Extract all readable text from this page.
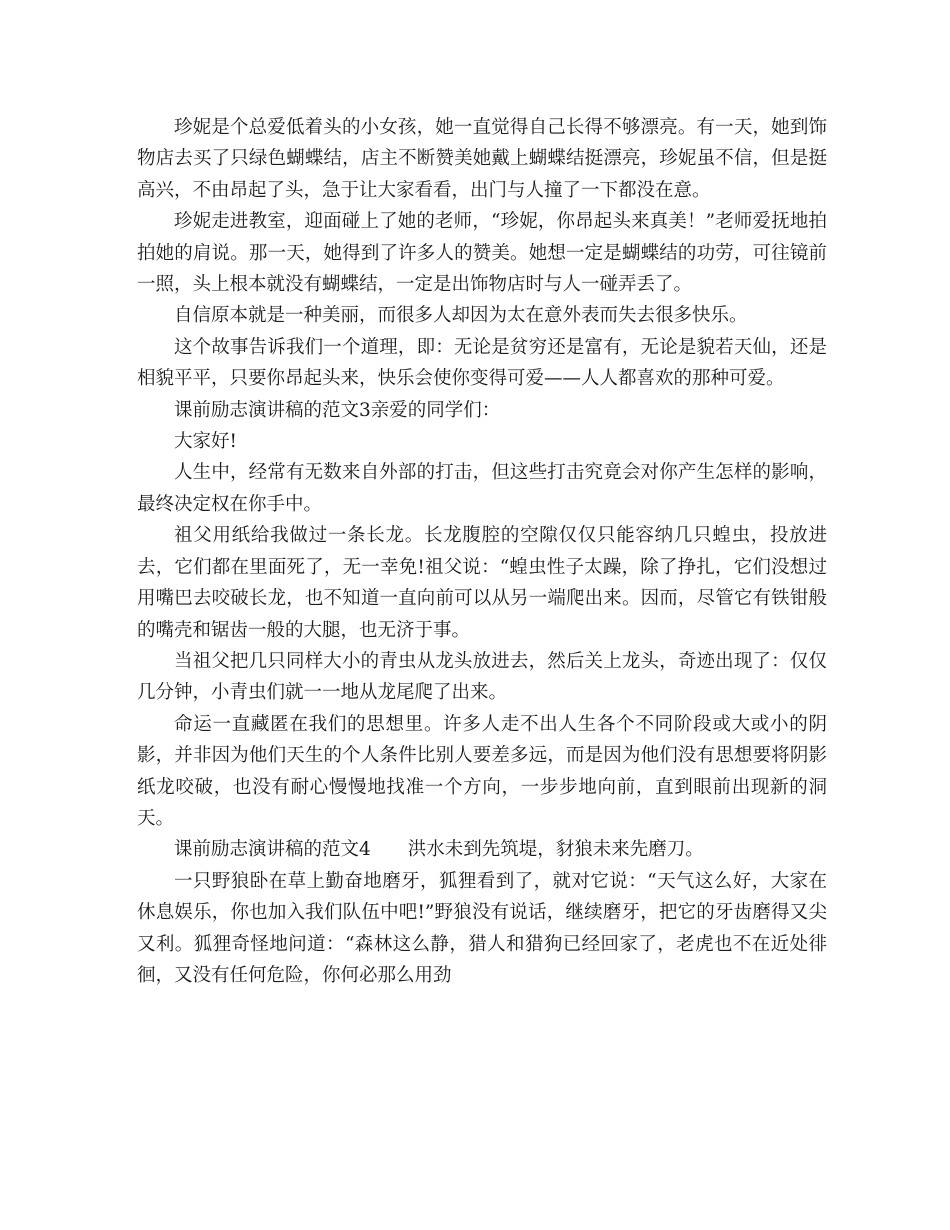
珍妮是个总爱低着头的小女孩，她一直觉得自己长得不够漂亮。有一天，她到饰物店去买了只绿色蝴蝶结，店主不断赞美她戴上蝴蝶结挺漂亮，珍妮虽不信，但是挺高兴，不由昂起了头，急于让大家看看，出门与人撞了一下都没在意。

珍妮走进教室，迎面碰上了她的老师，“珍妮，你昂起头来真美！”老师爱抚地拍拍她的肩说。那一天，她得到了许多人的赞美。她想一定是蝴蝶结的功劳，可往镜前一照，头上根本就没有蝴蝶结，一定是出饰物店时与人一碰弄丢了。

自信原本就是一种美丽，而很多人却因为太在意外表而失去很多快乐。

这个故事告诉我们一个道理，即：无论是贫穷还是富有，无论是貌若天仙，还是相貌平平，只要你昂起头来，快乐会使你变得可爱——人人都喜欢的那种可爱。

课前励志演讲稿的范文3亲爱的同学们：

大家好!

人生中，经常有无数来自外部的打击，但这些打击究竟会对你产生怎样的影响，最终决定权在你手中。

祖父用纸给我做过一条长龙。长龙腹腔的空隙仅仅只能容纳几只蝗虫，投放进去，它们都在里面死了，无一幸免!祖父说：“蝗虫性子太躁，除了挣扎，它们没想过用嘴巴去咬破长龙，也不知道一直向前可以从另一端爬出来。因而，尽管它有铁钳般的嘴壳和锯齿一般的大腿，也无济于事。

当祖父把几只同样大小的青虫从龙头放进去，然后关上龙头，奇迹出现了：仅仅几分钟，小青虫们就一一地从龙尾爬了出来。

命运一直藏匿在我们的思想里。许多人走不出人生各个不同阶段或大或小的阴影，并非因为他们天生的个人条件比别人要差多远，而是因为他们没有思想要将阴影纸龙咬破，也没有耐心慢慢地找准一个方向，一步步地向前，直到眼前出现新的洞天。

课前励志演讲稿的范文4　　洪水未到先筑堤，豺狼未来先磨刀。

一只野狼卧在草上勤奋地磨牙，狐狸看到了，就对它说：“天气这么好，大家在休息娱乐，你也加入我们队伍中吧!”野狼没有说话，继续磨牙，把它的牙齿磨得又尖又利。狐狸奇怪地问道：“森林这么静，猎人和猎狗已经回家了，老虎也不在近处徘徊，又没有任何危险，你何必那么用劲
